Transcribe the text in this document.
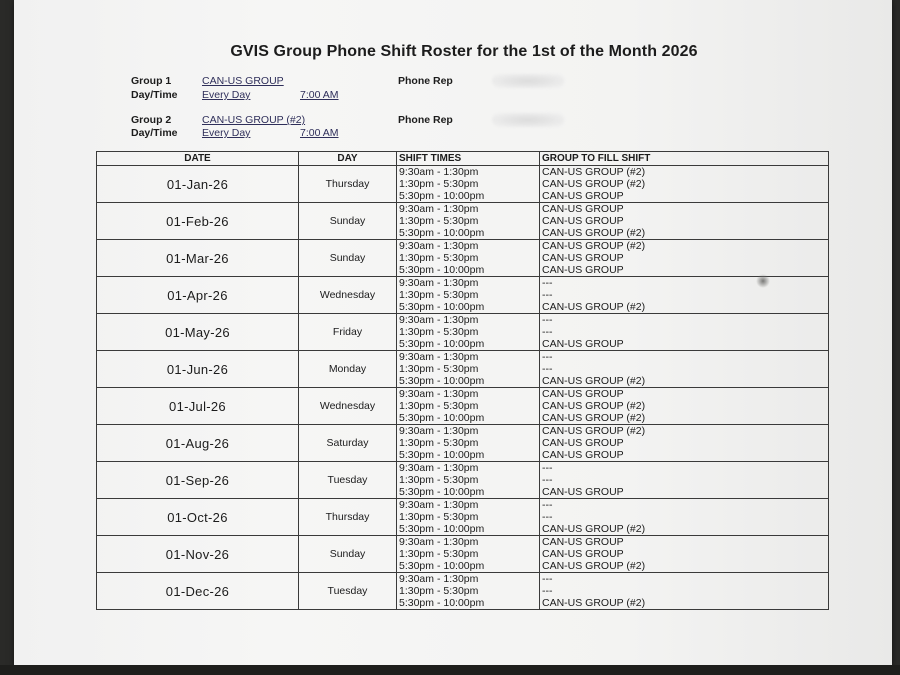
GVIS Group Phone Shift Roster for the 1st of the Month 2026
Group 1	CAN-US GROUP	Phone Rep
Day/Time Every Day	7:00 AM
Group 2	CAN-US GROUP (#2)	Phone Rep
Day/Time Every Day	7:00 AM
DATE	DAY	SHIFT TIMES	GROUP TO FILL SHIFT
01-Jan-26	Thursday	9:30am - 1:30pm	CAN-US GROUP (#2)
		1:30pm - 5:30pm	CAN-US GROUP (#2)
		5:30pm - 10:00pm	CAN-US GROUP
01-Feb-26	Sunday	9:30am - 1:30pm	CAN-US GROUP
		1:30pm - 5:30pm	CAN-US GROUP
		5:30pm - 10:00pm	CAN-US GROUP (#2)
01-Mar-26	Sunday	9:30am - 1:30pm	CAN-US GROUP (#2)
		1:30pm - 5:30pm	CAN-US GROUP
		5:30pm - 10:00pm	CAN-US GROUP
01-Apr-26	Wednesday	9:30am - 1:30pm	---
		1:30pm - 5:30pm	---
		5:30pm - 10:00pm	CAN-US GROUP (#2)
01-May-26	Friday	9:30am - 1:30pm	---
		1:30pm - 5:30pm	---
		5:30pm - 10:00pm	CAN-US GROUP
01-Jun-26	Monday	9:30am - 1:30pm	---
		1:30pm - 5:30pm	---
		5:30pm - 10:00pm	CAN-US GROUP (#2)
01-Jul-26	Wednesday	9:30am - 1:30pm	CAN-US GROUP
		1:30pm - 5:30pm	CAN-US GROUP (#2)
		5:30pm - 10:00pm	CAN-US GROUP (#2)
01-Aug-26	Saturday	9:30am - 1:30pm	CAN-US GROUP (#2)
		1:30pm - 5:30pm	CAN-US GROUP
		5:30pm - 10:00pm	CAN-US GROUP
01-Sep-26	Tuesday	9:30am - 1:30pm	---
		1:30pm - 5:30pm	---
		5:30pm - 10:00pm	CAN-US GROUP
01-Oct-26	Thursday	9:30am - 1:30pm	---
		1:30pm - 5:30pm	---
		5:30pm - 10:00pm	CAN-US GROUP (#2)
01-Nov-26	Sunday	9:30am - 1:30pm	CAN-US GROUP
		1:30pm - 5:30pm	CAN-US GROUP
		5:30pm - 10:00pm	CAN-US GROUP (#2)
01-Dec-26	Tuesday	9:30am - 1:30pm	---
		1:30pm - 5:30pm	---
		5:30pm - 10:00pm	CAN-US GROUP (#2)
